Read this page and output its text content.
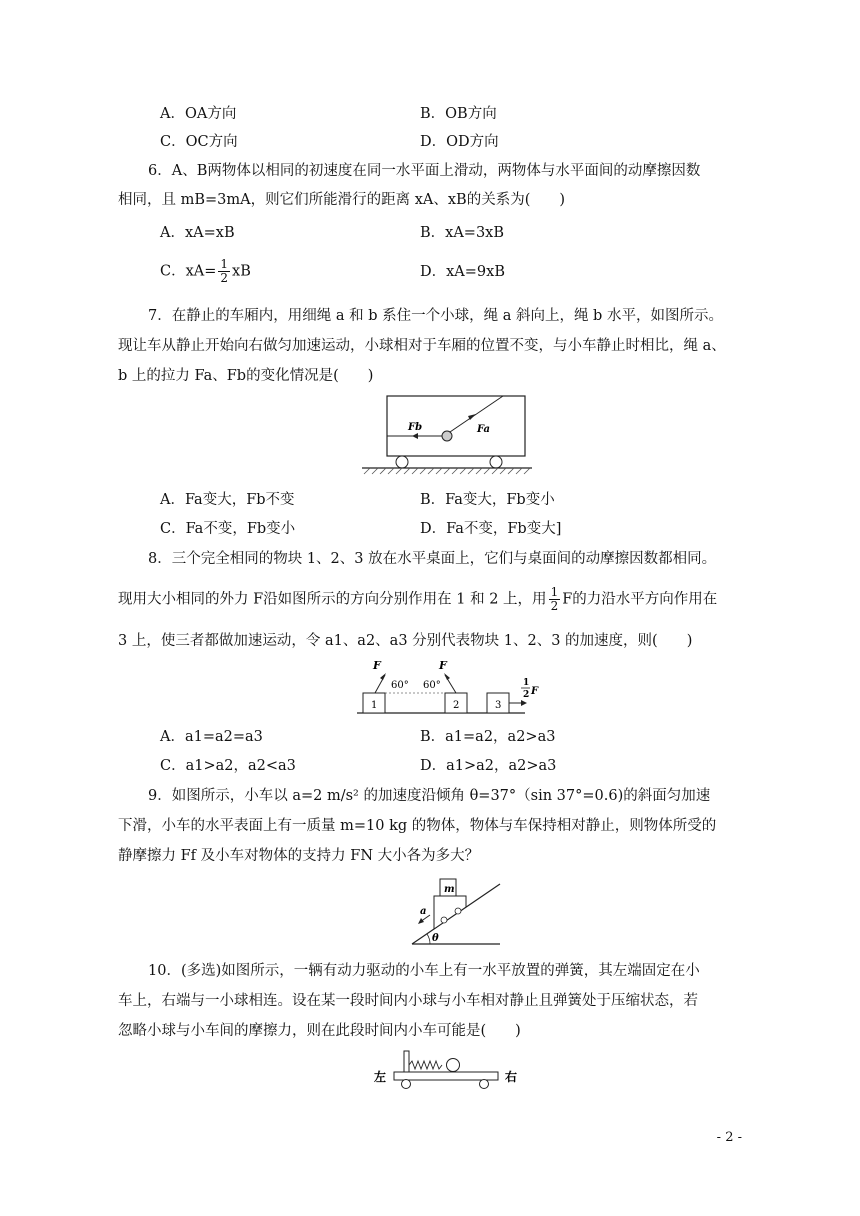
A．OA方向	B．OB方向
C．OC方向	D．OD方向
6．A、B两物体以相同的初速度在同一水平面上滑动，两物体与水平面间的动摩擦因数
相同，且 mB=3mA，则它们所能滑行的距离 xA、xB的关系为(　　)
A．xA=xB	B．xA=3xB
C．$xA= \frac{1}{2}$ xB	D．xA=9xB
7．在静止的车厢内，用细绳 a 和 b 系住一个小球，绳 a 斜向上，绳 b 水平，如图所示。
现让车从静止开始向右做匀加速运动，小球相对于车厢的位置不变，与小车静止时相比，绳 a、
b 上的拉力 Fa、Fb的变化情况是(　　)
Fa
Fb
A．Fa变大，Fb不变	B．Fa变大，Fb变小
C．Fa不变，Fb变小	D．Fa不变，Fb变大]
8．三个完全相同的物块 1、2、3 放在水平桌面上，它们与桌面间的动摩擦因数都相同。
现用大小相同的外力 F沿如图所示的方向分别作用在 1 和 2 上，用 $\frac{1}{2}$ F的力沿水平方向作用在
3 上，使三者都做加速运动，令 a1、a2、a3 分别代表物块 1、2、3 的加速度，则(　　)
F	F
60° 60°
1	2	3
1
2 F
A．a1=a2=a3	B．a1=a2，a2>a3
C．a1>a2，a2<a3	D．a1>a2，a2>a3
9．如图所示，小车以 a=2 m/s² 的加速度沿倾角 θ=37°（sin 37°=0.6)的斜面匀加速
下滑，小车的水平表面上有一质量 m=10 kg 的物体，物体与车保持相对静止，则物体所受的
静摩擦力 Ff 及小车对物体的支持力 FN 大小各为多大？
θ
m
a
10．(多选)如图所示，一辆有动力驱动的小车上有一水平放置的弹簧，其左端固定在小
车上，右端与一小球相连。设在某一段时间内小球与小车相对静止且弹簧处于压缩状态，若
忽略小球与小车间的摩擦力，则在此段时间内小车可能是(　　)
左	右
- 2 -
